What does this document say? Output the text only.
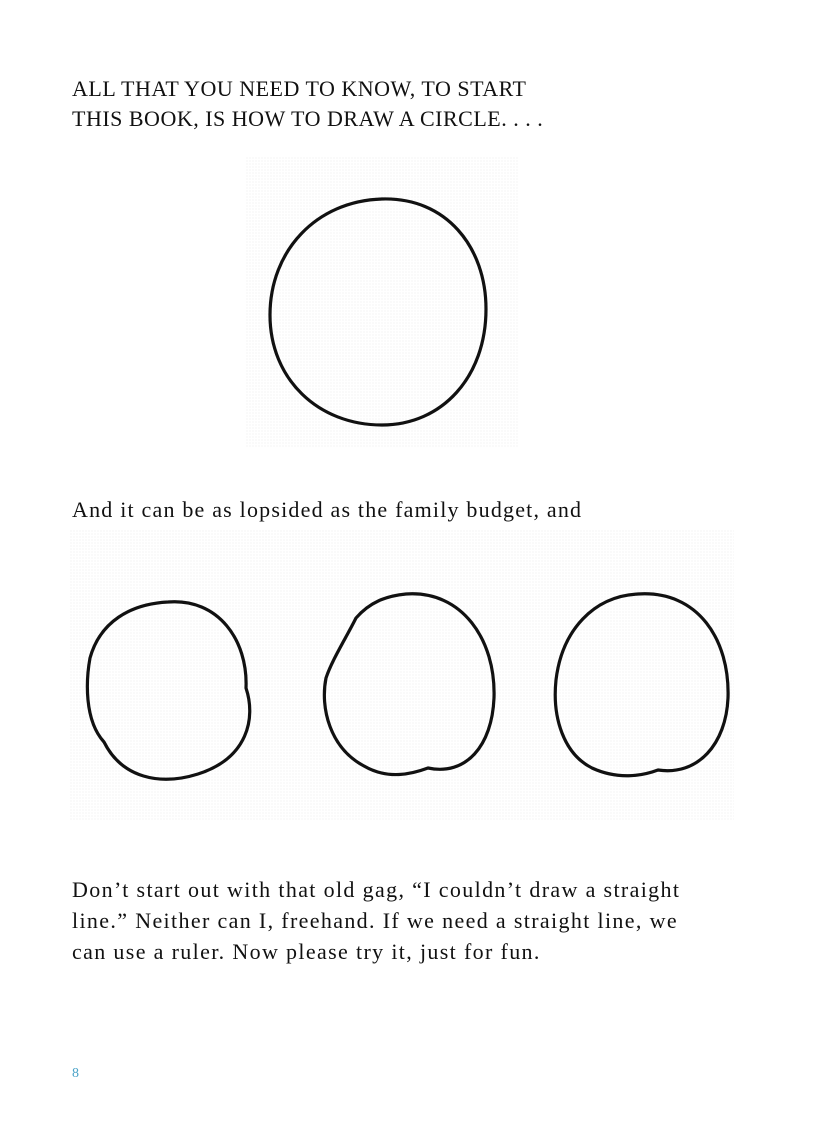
ALL THAT YOU NEED TO KNOW, TO START
THIS BOOK, IS HOW TO DRAW A CIRCLE. . . .

And it can be as lopsided as the family budget, and

Don’t start out with that old gag, “I couldn’t draw a straight
line.” Neither can I, freehand. If we need a straight line, we
can use a ruler. Now please try it, just for fun.

8
